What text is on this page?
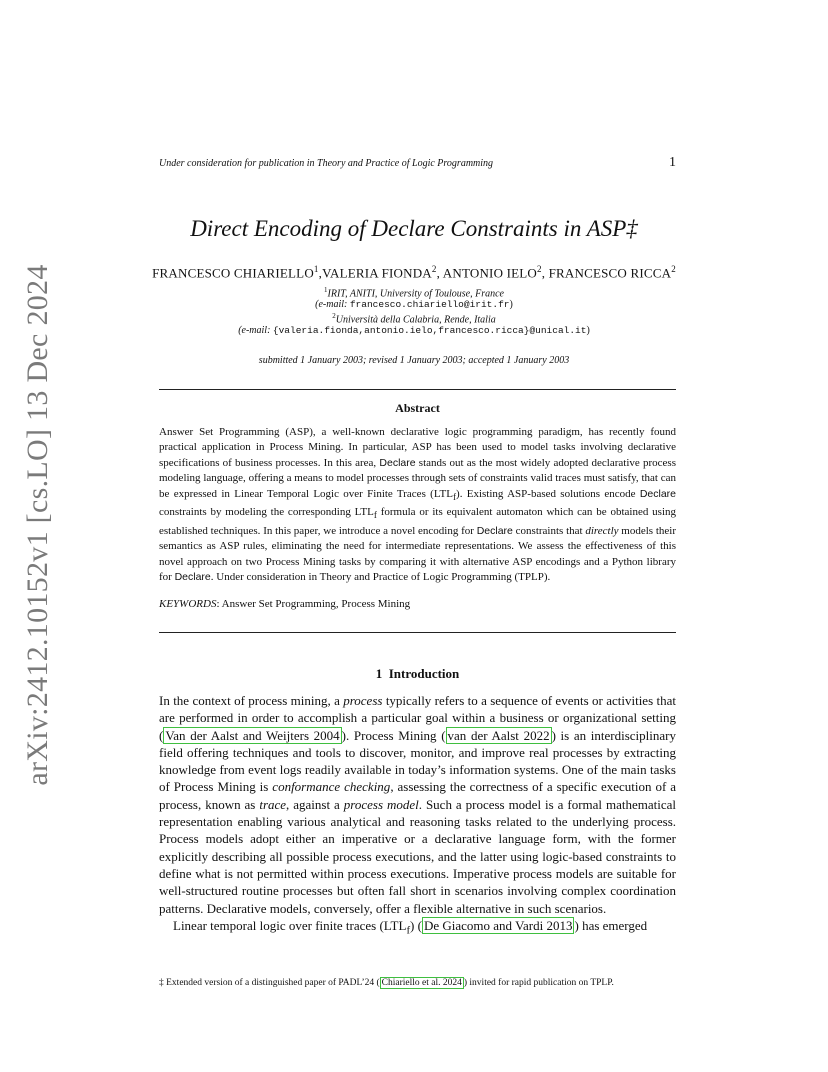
arXiv:2412.10152v1 [cs.LO] 13 Dec 2024
Under consideration for publication in Theory and Practice of Logic Programming	1
Direct Encoding of Declare Constraints in ASP‡
FRANCESCO CHIARIELLO$^1$,VALERIA FIONDA$^2$, ANTONIO IELO$^2$, FRANCESCO RICCA$^2$
$^1$IRIT, ANITI, University of Toulouse, France
(e-mail: francesco.chiariello@irit.fr)
$^2$Università della Calabria, Rende, Italia
(e-mail: {valeria.fionda,antonio.ielo,francesco.ricca}@unical.it)
submitted 1 January 2003; revised 1 January 2003; accepted 1 January 2003
Abstract
Answer Set Programming (ASP), a well-known declarative logic programming paradigm, has recently found practical application in Process Mining. In particular, ASP has been used to model tasks involving declarative specifications of business processes. In this area, Declare stands out as the most widely adopted declarative process modeling language, offering a means to model processes through sets of constraints valid traces must satisfy, that can be expressed in Linear Temporal Logic over Finite Traces $(LTL_f)$. Existing ASP-based solutions encode Declare constraints by modeling the corresponding $LTL_f$ formula or its equivalent automaton which can be obtained using established techniques. In this paper, we introduce a novel encoding for Declare constraints that directly models their semantics as ASP rules, eliminating the need for intermediate representations. We assess the effectiveness of this novel approach on two Process Mining tasks by comparing it with alternative ASP encodings and a Python library for Declare. Under consideration in Theory and Practice of Logic Programming (TPLP).
KEYWORDS: Answer Set Programming, Process Mining
1 Introduction

In the context of process mining, a process typically refers to a sequence of events or activities that are performed in order to accomplish a particular goal within a business or organizational setting ( Van der Aalst and Weijters 2004 ). Process Mining ( van der Aalst 2022 ) is an interdisciplinary field offering techniques and tools to discover, monitor, and improve real processes by extracting knowledge from event logs readily available in today’s information systems. One of the main tasks of Process Mining is conformance checking, assessing the correctness of a specific execution of a process, known as trace, against a process model. Such a process model is a formal mathematical representation enabling various analytical and reasoning tasks related to the underlying process. Process models adopt either an imperative or a declarative language form, with the former explicitly describing all possible process executions, and the latter using logic-based constraints to define what is not permitted within process executions. Imperative process models are suitable for well-structured routine processes but often fall short in scenarios involving complex coordination patterns. Declarative models, conversely, offer a flexible alternative in such scenarios.

Linear temporal logic over finite traces $(LTL_f)$ ( De Giacomo and Vardi 2013 ) has emerged

‡ Extended version of a distinguished paper of PADL’24 ( Chiariello et al. 2024 ) invited for rapid publication on TPLP.
